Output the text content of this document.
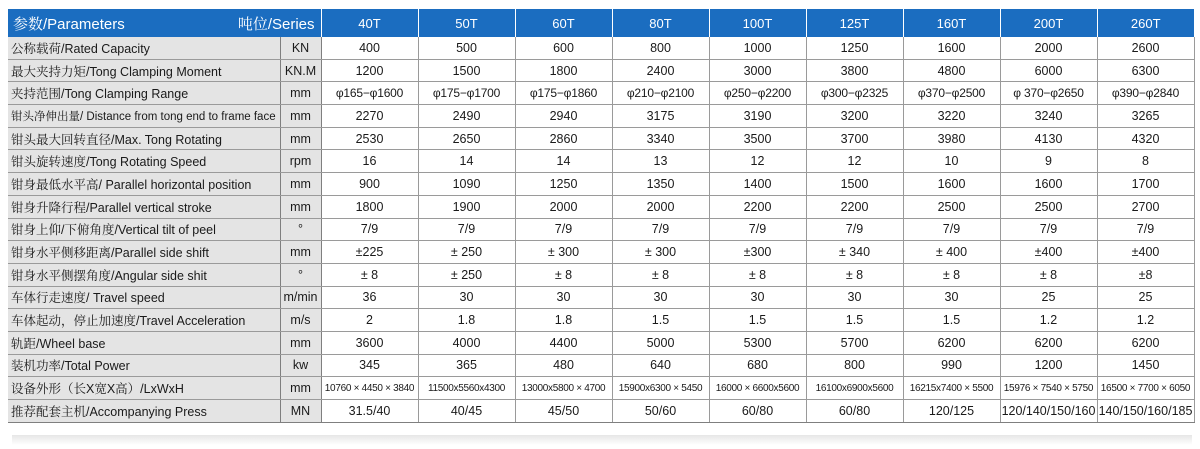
参数/Parameters 吨位/Series		40T	50T	60T	80T	100T	125T	160T	200T	260T
公称载荷/Rated Capacity	KN	400	500	600	800	1000	1250	1600	2000	2600
最大夹持力矩/Tong Clamping Moment	KN.M	1200	1500	1800	2400	3000	3800	4800	6000	6300
夹持范围/Tong Clamping Range	mm	φ165−φ1600	φ175−φ1700	φ175−φ1860	φ210−φ2100	φ250−φ2200	φ300−φ2325	φ370−φ2500	φ 370−φ2650	φ390−φ2840
钳头净伸出量/ Distance from tong end to frame face	mm	2270	2490	2940	3175	3190	3200	3220	3240	3265
钳头最大回转直径/Max. Tong Rotating	mm	2530	2650	2860	3340	3500	3700	3980	4130	4320
钳头旋转速度/Tong Rotating Speed	rpm	16	14	14	13	12	12	10	9	8
钳身最低水平高/ Parallel horizontal position	mm	900	1090	1250	1350	1400	1500	1600	1600	1700
钳身升降行程/Parallel vertical stroke	mm	1800	1900	2000	2000	2200	2200	2500	2500	2700
钳身上仰/下俯角度/Vertical tilt of peel	°	7/9	7/9	7/9	7/9	7/9	7/9	7/9	7/9	7/9
钳身水平侧移距离/Parallel side shift	mm	±225	± 250	± 300	± 300	±300	± 340	± 400	±400	±400
钳身水平侧摆角度/Angular side shit	°	± 8	± 250	± 8	± 8	± 8	± 8	± 8	± 8	±8
车体行走速度/ Travel speed	m/min	36	30	30	30	30	30	30	25	25
车体起动，停止加速度/Travel Acceleration	m/s	2	1.8	1.8	1.5	1.5	1.5	1.5	1.2	1.2
轨距/Wheel base	mm	3600	4000	4400	5000	5300	5700	6200	6200	6200
装机功率/Total Power	kw	345	365	480	640	680	800	990	1200	1450
设备外形（长X宽X高）/LxWxH	mm	10760 × 4450 × 3840	11500x5560x4300	13000x5800 × 4700	15900x6300 × 5450	16000 × 6600x5600	16100x6900x5600	16215x7400 × 5500	15976 × 7540 × 5750	16500 × 7700 × 6050
推荐配套主机/Accompanying Press	MN	31.5/40	40/45	45/50	50/60	60/80	60/80	120/125	120/140/150/160	140/150/160/185
